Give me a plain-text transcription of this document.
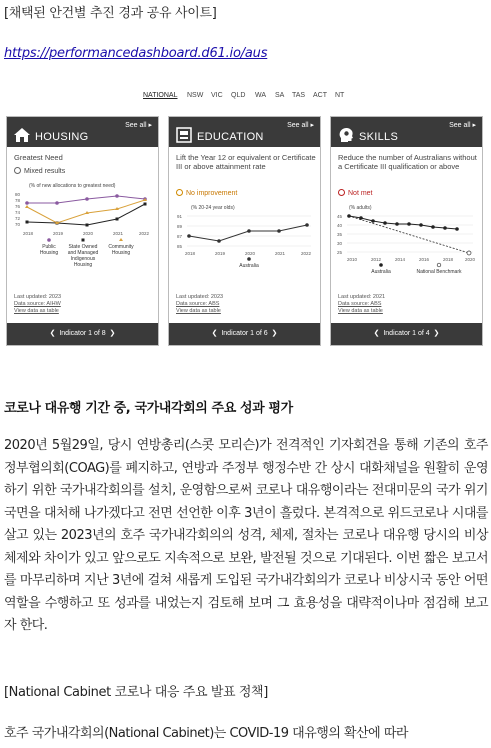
[채택된 안건별 추진 경과 공유 사이트]
https://performancedashboard.d61.io/aus
NATIONAL NSW VIC QLD WA SA TAS ACT NT
See all ▸
HOUSING
Greatest Need
Mixed results
(% of new allocations to greatest need)
80
78
76
74
72
70
2018	2019	2020	2021	2022
Public
Housing
State Owned
and Managed
Indigenous
Housing
Community
Housing
Last updated: 2023
Data source: AIHW
View data as table
❮ Indicator 1 of 8 ❯
See all ▸
EDUCATION
Lift the Year 12 or equivalent or Certificate III or above attainment rate
No improvement
(% 20-24 year olds)
91
89
87
85
2018	2019	2020	2021	2022
Australia
Last updated: 2023
Data source: ABS
View data as table
❮ Indicator 1 of 6 ❯
See all ▸
SKILLS
Reduce the number of Australians without a Certificate III qualification or above
Not met
(% adults)
45
40
35
30
25
2010	2012	2014	2016	2018	2020
Australia	National Benchmark
Last updated: 2021
Data source: ABS
View data as table
❮ Indicator 1 of 4 ❯
코로나 대유행 기간 중, 국가내각회의 주요 성과 평가
2020년 5월29일, 당시 연방총리(스콧 모리슨)가 전격적인 기자회견을 통해 기존의 호주정부협의회(COAG)를 폐지하고, 연방과 주정부 행정수반 간 상시 대화채널을 원활히 운영하기 위한 국가내각회의를 설치, 운영함으로써 코로나 대유행이라는 전대미문의 국가 위기 국면을 대처해 나가겠다고 전면 선언한 이후 3년이 흘렀다. 본격적으로 위드코로나 시대를 살고 있는 2023년의 호주 국가내각회의의 성격, 체제, 절차는 코로나 대유행 당시의 비상체제와 차이가 있고 앞으로도 지속적으로 보완, 발전될 것으로 기대된다. 이번 짧은 보고서를 마무리하며 지난 3년에 걸쳐 새롭게 도입된 국가내각회의가 코로나 비상시국 동안 어떤 역할을 수행하고 또 성과를 내었는지 검토해 보며 그 효용성을 대략적이나마 점검해 보고자 한다.
[National Cabinet 코로나 대응 주요 발표 정책]
호주 국가내각회의(National Cabinet)는 COVID-19 대유행의 확산에 따라
